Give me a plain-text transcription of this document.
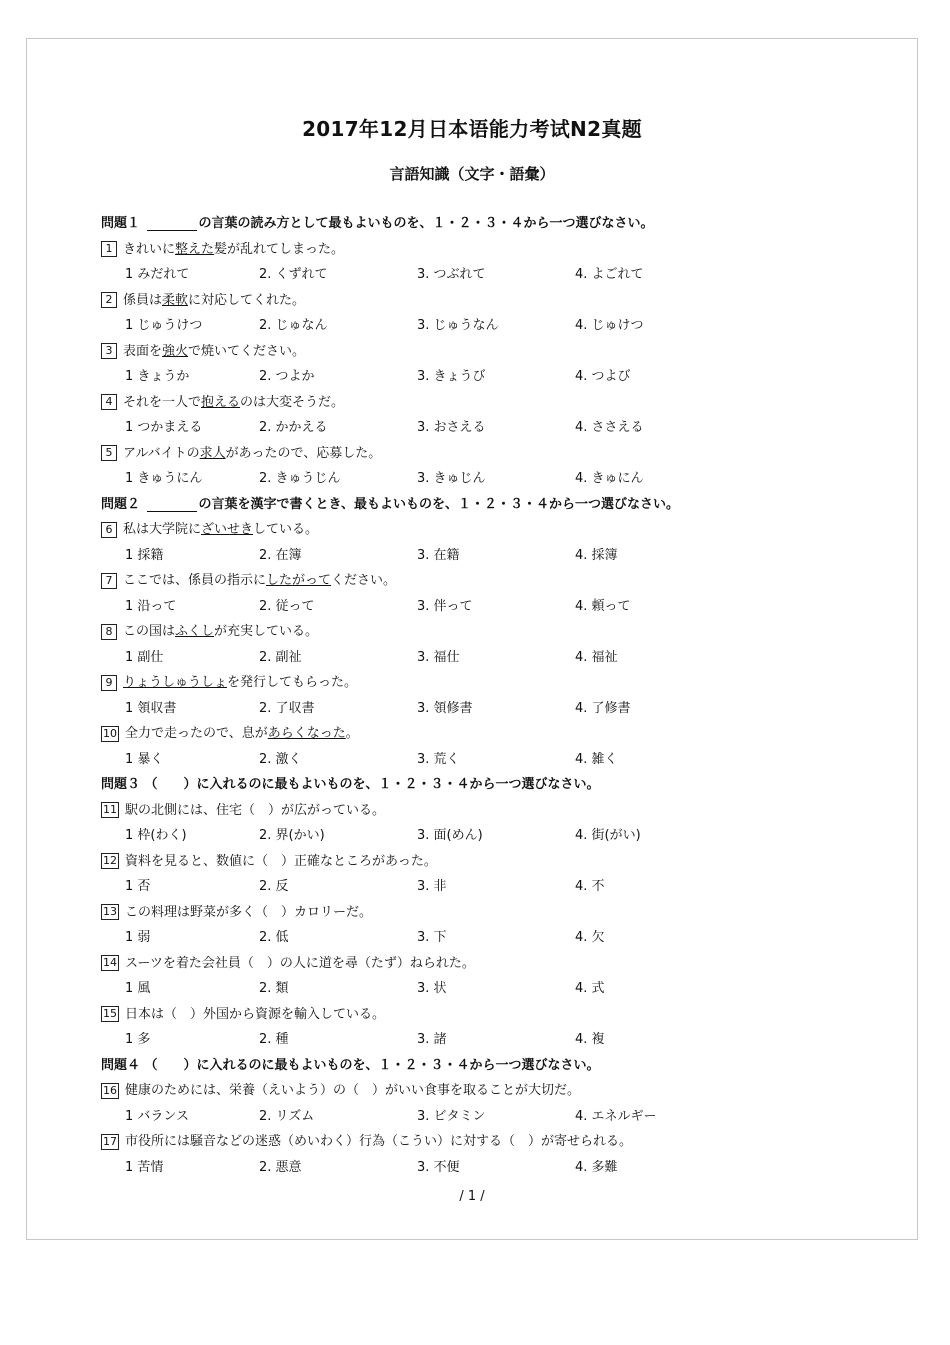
2017年12月日本语能力考试N2真题
言語知識（文字・語彙）
問題１	の言葉の読み方として最もよいものを、１・２・３・４から一つ選びなさい。
1 きれいに整えた髪が乱れてしまった。
1 みだれて	2. くずれて	3. つぶれて	4. よごれて
2 係員は柔軟に対応してくれた。
1 じゅうけつ	2. じゅなん	3. じゅうなん	4. じゅけつ
3 表面を強火で焼いてください。
1 きょうか	2. つよか	3. きょうび	4. つよび
4 それを一人で抱えるのは大変そうだ。
1 つかまえる	2. かかえる	3. おさえる	4. ささえる
5 アルバイトの求人があったので、応募した。
1 きゅうにん	2. きゅうじん	3. きゅじん	4. きゅにん
問題２	の言葉を漢字で書くとき、最もよいものを、１・２・３・４から一つ選びなさい。
6 私は大学院にざいせきしている。
1 採籍	2. 在簿	3. 在籍	4. 採簿
7 ここでは、係員の指示にしたがってください。
1 沿って	2. 従って	3. 伴って	4. 頼って
8 この国はふくしが充実している。
1 副仕	2. 副祉	3. 福仕	4. 福祉
9 りょうしゅうしょを発行してもらった。
1 領収書	2. 了収書	3. 領修書	4. 了修書
10 全力で走ったので、息があらくなった。
1 暴く	2. 激く	3. 荒く	4. 雑く
問題３ （　　）に入れるのに最もよいものを、１・２・３・４から一つ選びなさい。
11 駅の北側には、住宅（　）が広がっている。
1 枠(わく)	2. 界(かい)	3. 面(めん)	4. 街(がい)
12 資料を見ると、数値に（　）正確なところがあった。
1 否	2. 反	3. 非	4. 不
13 この料理は野菜が多く（　）カロリーだ。
1 弱	2. 低	3. 下	4. 欠
14 スーツを着た会社員（　）の人に道を尋（たず）ねられた。
1 風	2. 類	3. 状	4. 式
15 日本は（　）外国から資源を輸入している。
1 多	2. 種	3. 諸	4. 複
問題４ （　　）に入れるのに最もよいものを、１・２・３・４から一つ選びなさい。
16 健康のためには、栄養（えいよう）の（　）がいい食事を取ることが大切だ。
1 バランス	2. リズム	3. ビタミン	4. エネルギー
17 市役所には騒音などの迷惑（めいわく）行為（こうい）に対する（　）が寄せられる。
1 苦情	2. 悪意	3. 不便	4. 多難
/ 1 /
